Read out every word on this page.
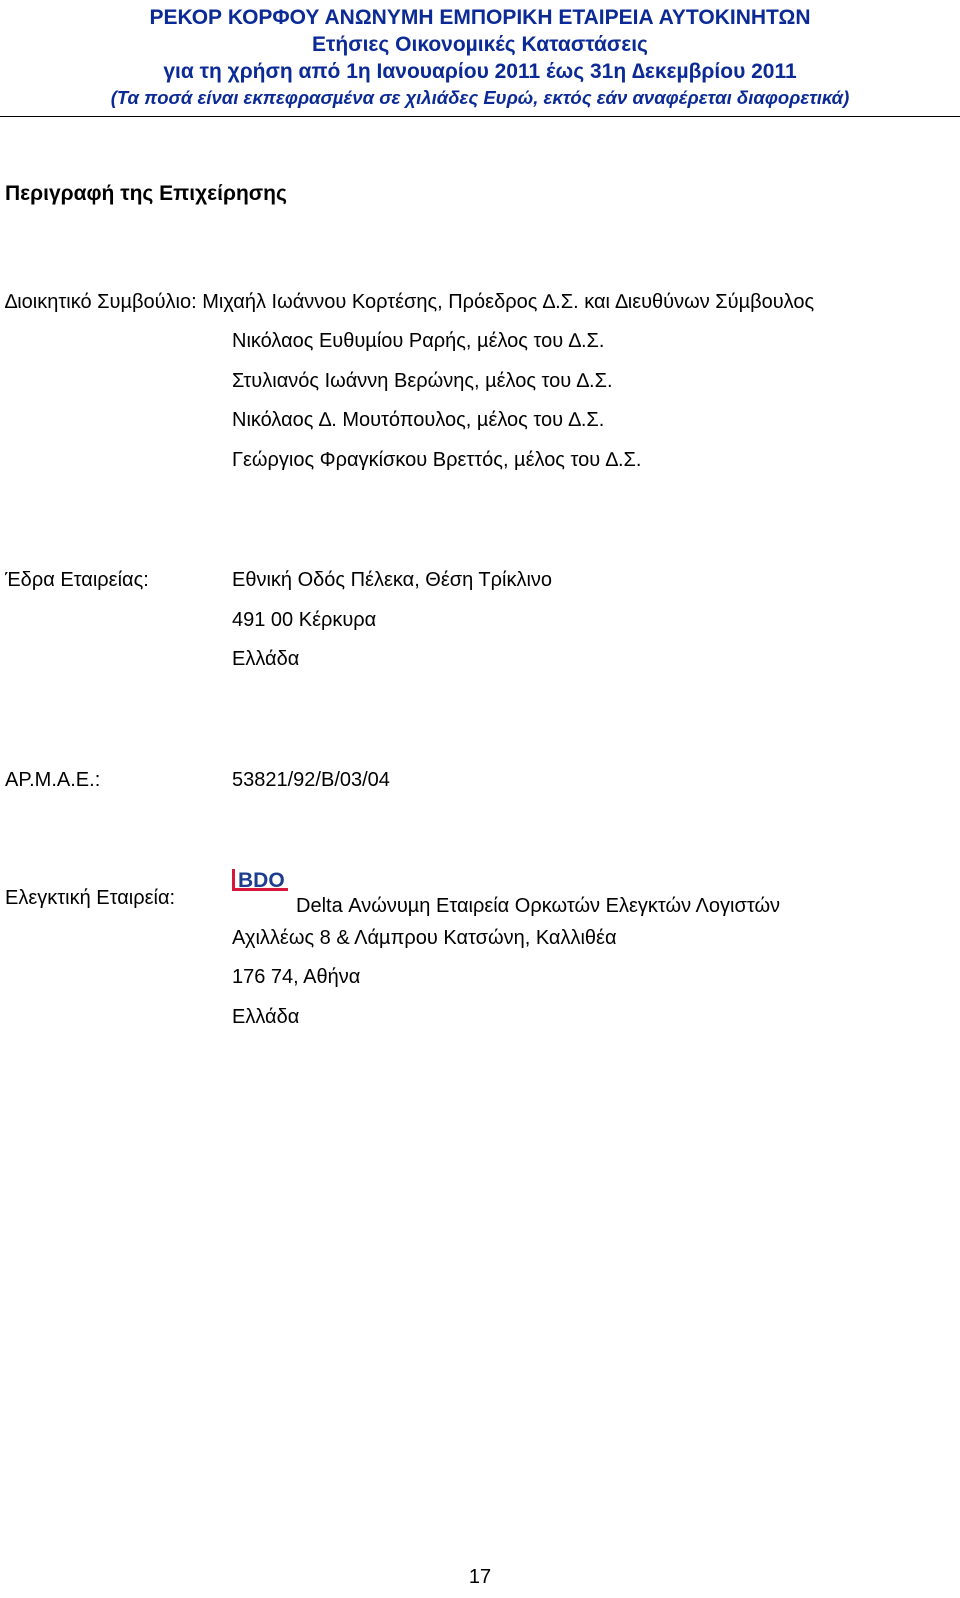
ΡΕΚΟΡ ΚΟΡΦΟΥ ΑΝΩΝΥΜΗ ΕΜΠΟΡΙΚΗ ΕΤΑΙΡΕΙΑ ΑΥΤΟΚΙΝΗΤΩΝ
Ετήσιες Οικονοµικές Καταστάσεις
για τη χρήση από 1η Ιανουαρίου 2011 έως 31η ∆εκεµβρίου 2011
(Τα ποσά είναι εκπεφρασµένα σε χιλιάδες Ευρώ, εκτός εάν αναφέρεται διαφορετικά)
Περιγραφή της Επιχείρησης
∆ιοικητικό Συµβούλιο: Μιχαήλ Ιωάννου Κορτέσης, Πρόεδρος ∆.Σ. και ∆ιευθύνων Σύµβουλος
Νικόλαος Ευθυµίου Ραρής, µέλος του ∆.Σ.
Στυλιανός Ιωάννη Βερώνης, µέλος του ∆.Σ.
Νικόλαος ∆. Μουτόπουλος, µέλος του ∆.Σ.
Γεώργιος Φραγκίσκου Βρεττός, µέλος του ∆.Σ.
Έδρα Εταιρείας:	Εθνική Οδός Πέλεκα, Θέση Τρίκλινο
491 00 Κέρκυρα
Ελλάδα
ΑΡ.Μ.Α.Ε.:	53821/92/Β/03/04
Ελεγκτική Εταιρεία:
BDO
Delta Ανώνυµη Εταιρεία Ορκωτών Ελεγκτών Λογιστών
Αχιλλέως 8 & Λάµπρου Κατσώνη, Καλλιθέα
176 74, Αθήνα
Ελλάδα
17
